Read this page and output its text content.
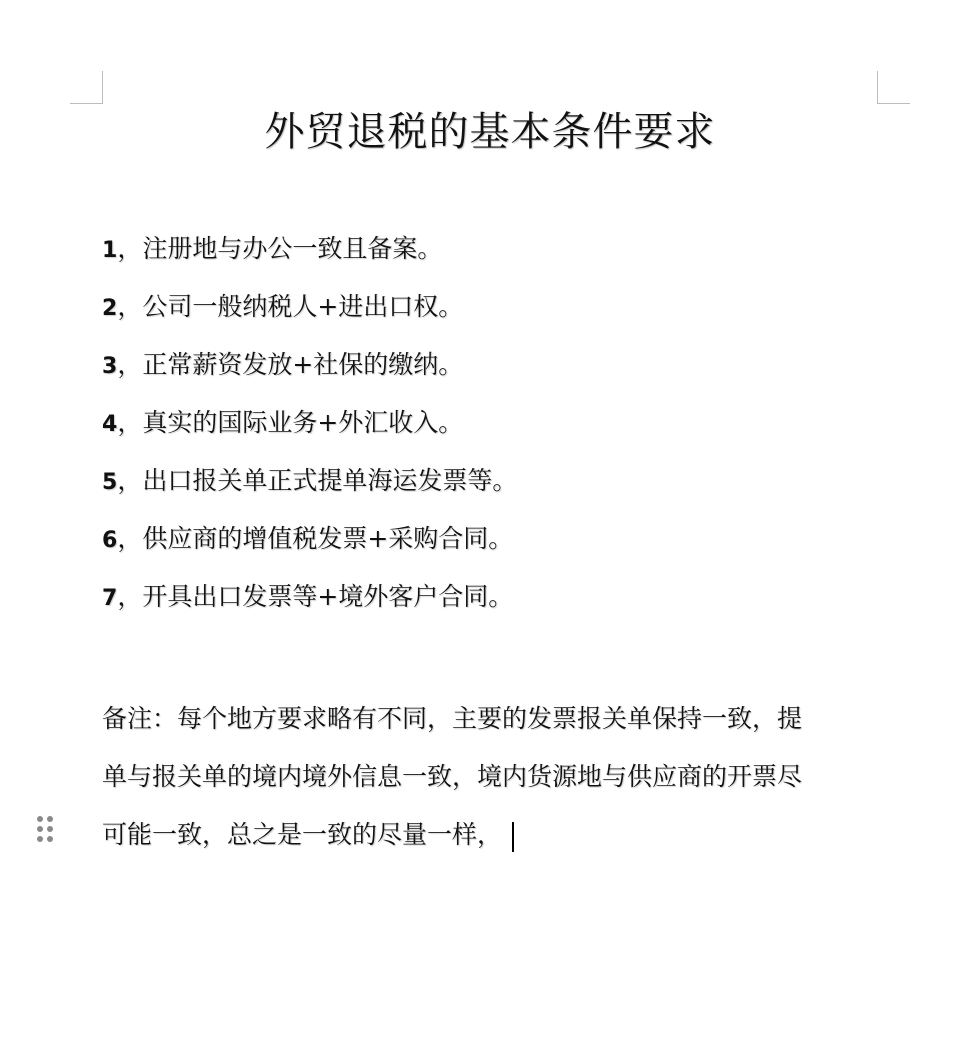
外贸退税的基本条件要求
1，注册地与办公一致且备案。
2，公司一般纳税人+进出口权。
3，正常薪资发放+社保的缴纳。
4，真实的国际业务+外汇收入。
5，出口报关单正式提单海运发票等。
6，供应商的增值税发票+采购合同。
7，开具出口发票等+境外客户合同。
备注：每个地方要求略有不同，主要的发票报关单保持一致，提
单与报关单的境内境外信息一致，境内货源地与供应商的开票尽
可能一致，总之是一致的尽量一样，
